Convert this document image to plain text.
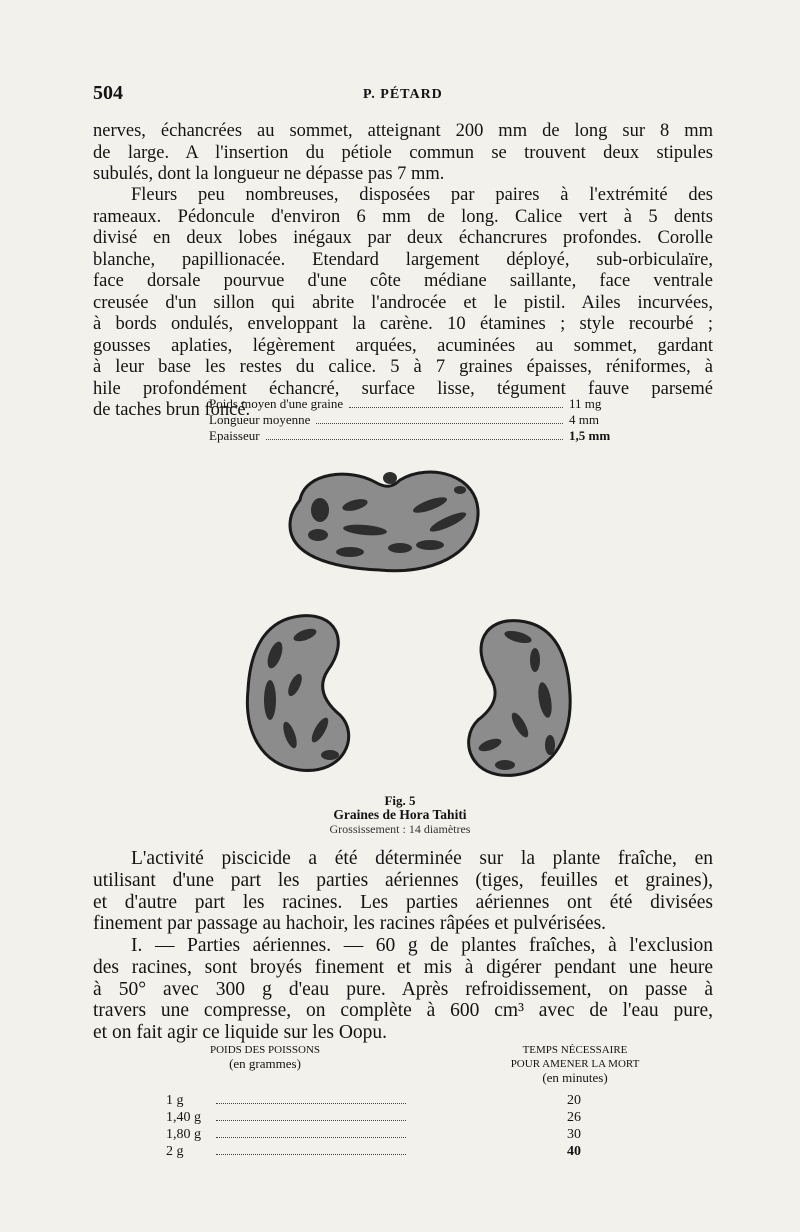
504	P. PÉTARD
nerves, échancrées au sommet, atteignant 200 mm de long sur 8 mm
de large. A l'insertion du pétiole commun se trouvent deux stipules
subulés, dont la longueur ne dépasse pas 7 mm.
Fleurs peu nombreuses, disposées par paires à l'extrémité des
rameaux. Pédoncule d'environ 6 mm de long. Calice vert à 5 dents
divisé en deux lobes inégaux par deux échancrures profondes. Corolle
blanche, papillionacée. Etendard largement déployé, sub-orbiculaïre,
face dorsale pourvue d'une côte médiane saillante, face ventrale
creusée d'un sillon qui abrite l'androcée et le pistil. Ailes incurvées,
à bords ondulés, enveloppant la carène. 10 étamines ; style recourbé ;
gousses aplaties, légèrement arquées, acuminées au sommet, gardant
à leur base les restes du calice. 5 à 7 graines épaisses, réniformes, à
hile profondément échancré, surface lisse, tégument fauve parsemé
de taches brun foncé.
Poids moyen d'une graine	11 mg
Longueur moyenne	4 mm
Epaisseur	1,5 mm
Fig. 5
Graines de Hora Tahiti
Grossissement : 14 diamètres
L'activité piscicide a été déterminée sur la plante fraîche, en
utilisant d'une part les parties aériennes (tiges, feuilles et graines),
et d'autre part les racines. Les parties aériennes ont été divisées
finement par passage au hachoir, les racines râpées et pulvérisées.
I. — Parties aériennes. — 60 g de plantes fraîches, à l'exclusion
des racines, sont broyés finement et mis à digérer pendant une heure
à 50° avec 300 g d'eau pure. Après refroidissement, on passe à
travers une compresse, on complète à 600 cm³ avec de l'eau pure,
et on fait agir ce liquide sur les Oopu.
POIDS DES POISSONS
(en grammes)
TEMPS NÉCESSAIRE
POUR AMENER LA MORT
(en minutes)
1 g	20
1,40 g	26
1,80 g	30
2 g	40
